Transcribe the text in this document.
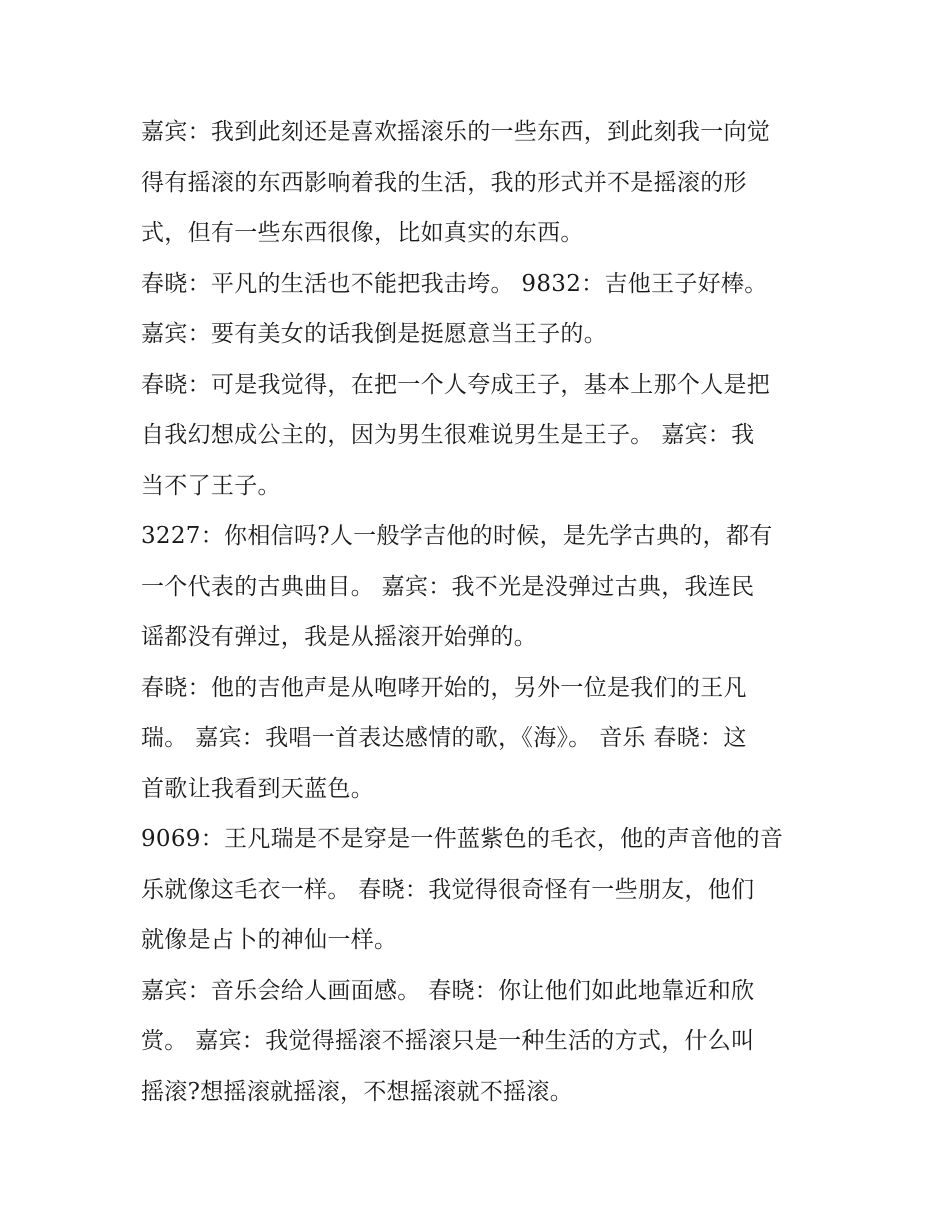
嘉宾：我到此刻还是喜欢摇滚乐的一些东西，到此刻我一向觉
得有摇滚的东西影响着我的生活，我的形式并不是摇滚的形
式，但有一些东西很像，比如真实的东西。

春晓：平凡的生活也不能把我击垮。 9832：吉他王子好棒。

嘉宾：要有美女的话我倒是挺愿意当王子的。

春晓：可是我觉得，在把一个人夸成王子，基本上那个人是把
自我幻想成公主的，因为男生很难说男生是王子。 嘉宾：我
当不了王子。

3227：你相信吗?人一般学吉他的时候，是先学古典的，都有
一个代表的古典曲目。 嘉宾：我不光是没弹过古典，我连民
谣都没有弹过，我是从摇滚开始弹的。

春晓：他的吉他声是从咆哮开始的，另外一位是我们的王凡
瑞。 嘉宾：我唱一首表达感情的歌，《海》。 音乐 春晓：这
首歌让我看到天蓝色。

9069：王凡瑞是不是穿是一件蓝紫色的毛衣，他的声音他的音
乐就像这毛衣一样。 春晓：我觉得很奇怪有一些朋友，他们
就像是占卜的神仙一样。

嘉宾：音乐会给人画面感。 春晓：你让他们如此地靠近和欣
赏。 嘉宾：我觉得摇滚不摇滚只是一种生活的方式，什么叫
摇滚?想摇滚就摇滚，不想摇滚就不摇滚。
